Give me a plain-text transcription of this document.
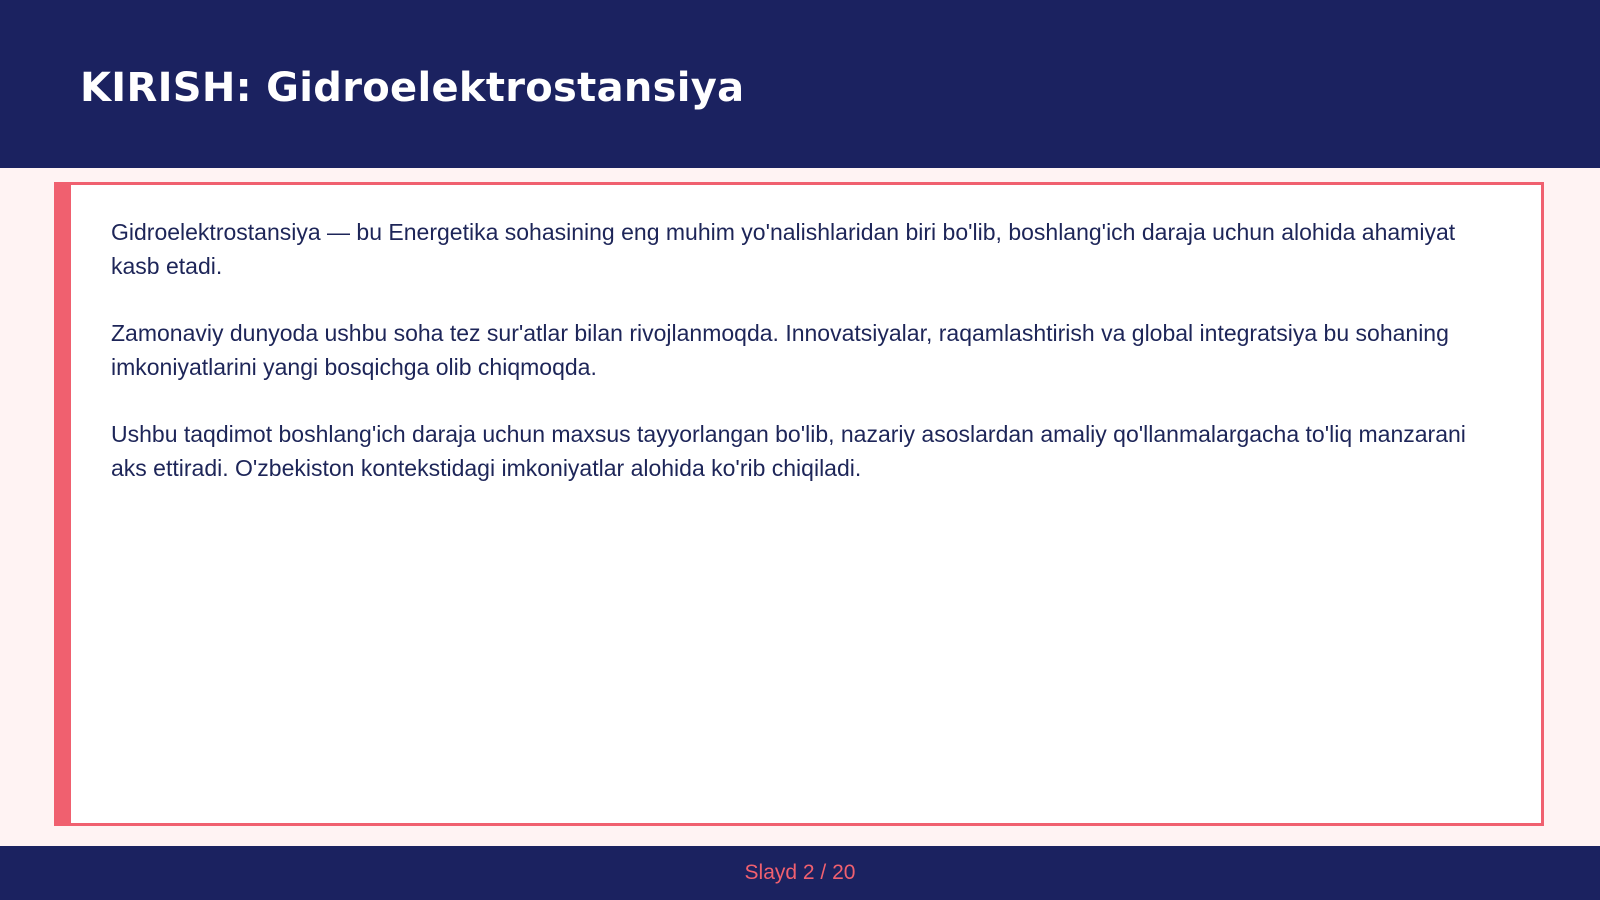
KIRISH: Gidroelektrostansiya

Gidroelektrostansiya — bu Energetika sohasining eng muhim yo'nalishlaridan biri bo'lib, boshlang'ich daraja uchun alohida ahamiyat kasb etadi.

Zamonaviy dunyoda ushbu soha tez sur'atlar bilan rivojlanmoqda. Innovatsiyalar, raqamlashtirish va global integratsiya bu sohaning imkoniyatlarini yangi bosqichga olib chiqmoqda.

Ushbu taqdimot boshlang'ich daraja uchun maxsus tayyorlangan bo'lib, nazariy asoslardan amaliy qo'llanmalargacha to'liq manzarani aks ettiradi. O'zbekiston kontekstidagi imkoniyatlar alohida ko'rib chiqiladi.

Slayd 2 / 20
